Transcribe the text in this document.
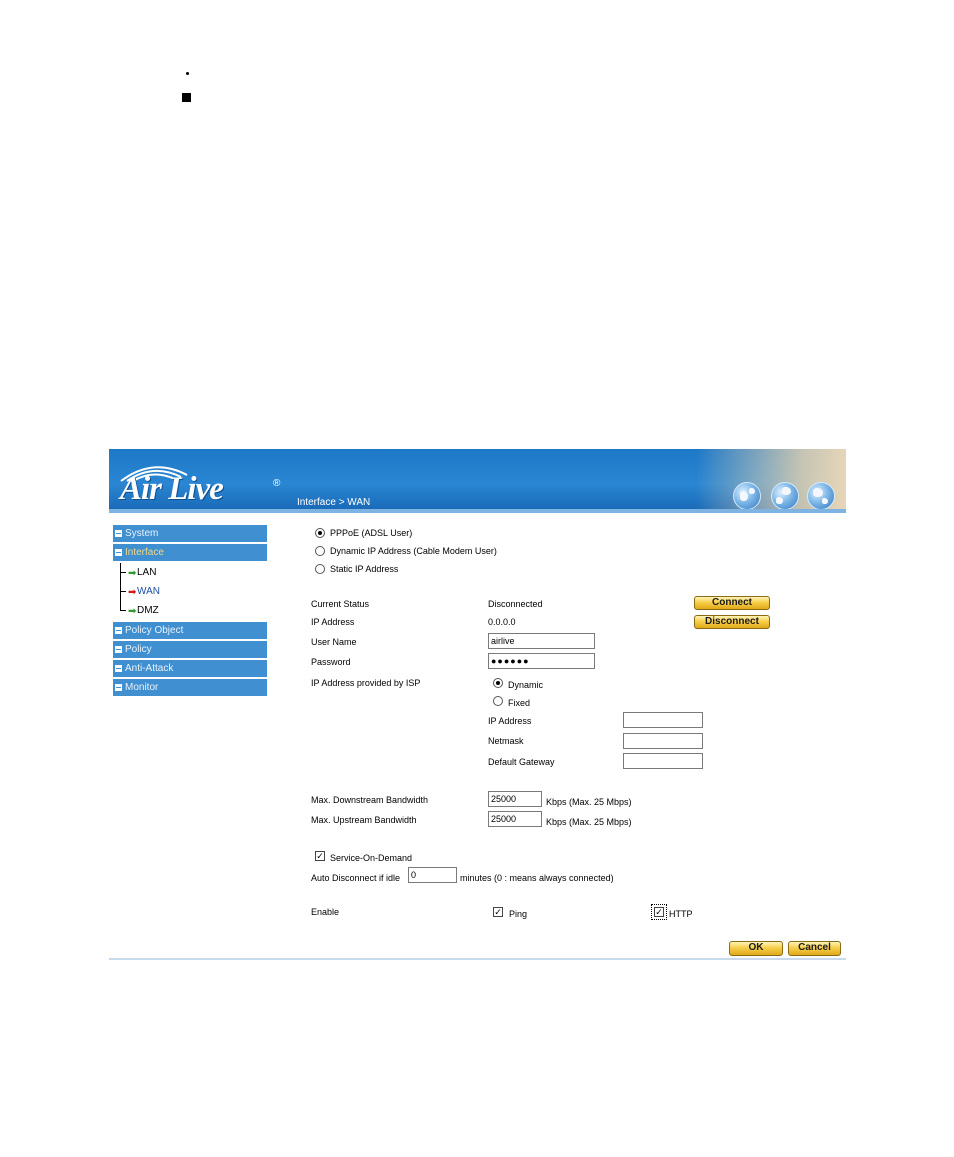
Air Live	®
Interface > WAN
System
Interface
➡ LAN
➡ WAN
➡ DMZ
Policy Object
Policy
Anti-Attack
Monitor
PPPoE (ADSL User)
Dynamic IP Address (Cable Modem User)
Static IP Address
Current Status	Disconnected	Connect
IP Address	0.0.0.0	Disconnect
User Name	airlive
Password	●●●●●●
IP Address provided by ISP	Dynamic
Fixed
IP Address
Netmask
Default Gateway
Max. Downstream Bandwidth	25000	Kbps (Max. 25 Mbps)
Max. Upstream Bandwidth	25000	Kbps (Max. 25 Mbps)
✓ Service-On-Demand
Auto Disconnect if idle	0	minutes (0 : means always connected)
Enable	✓ Ping	✓ HTTP
OK	Cancel
